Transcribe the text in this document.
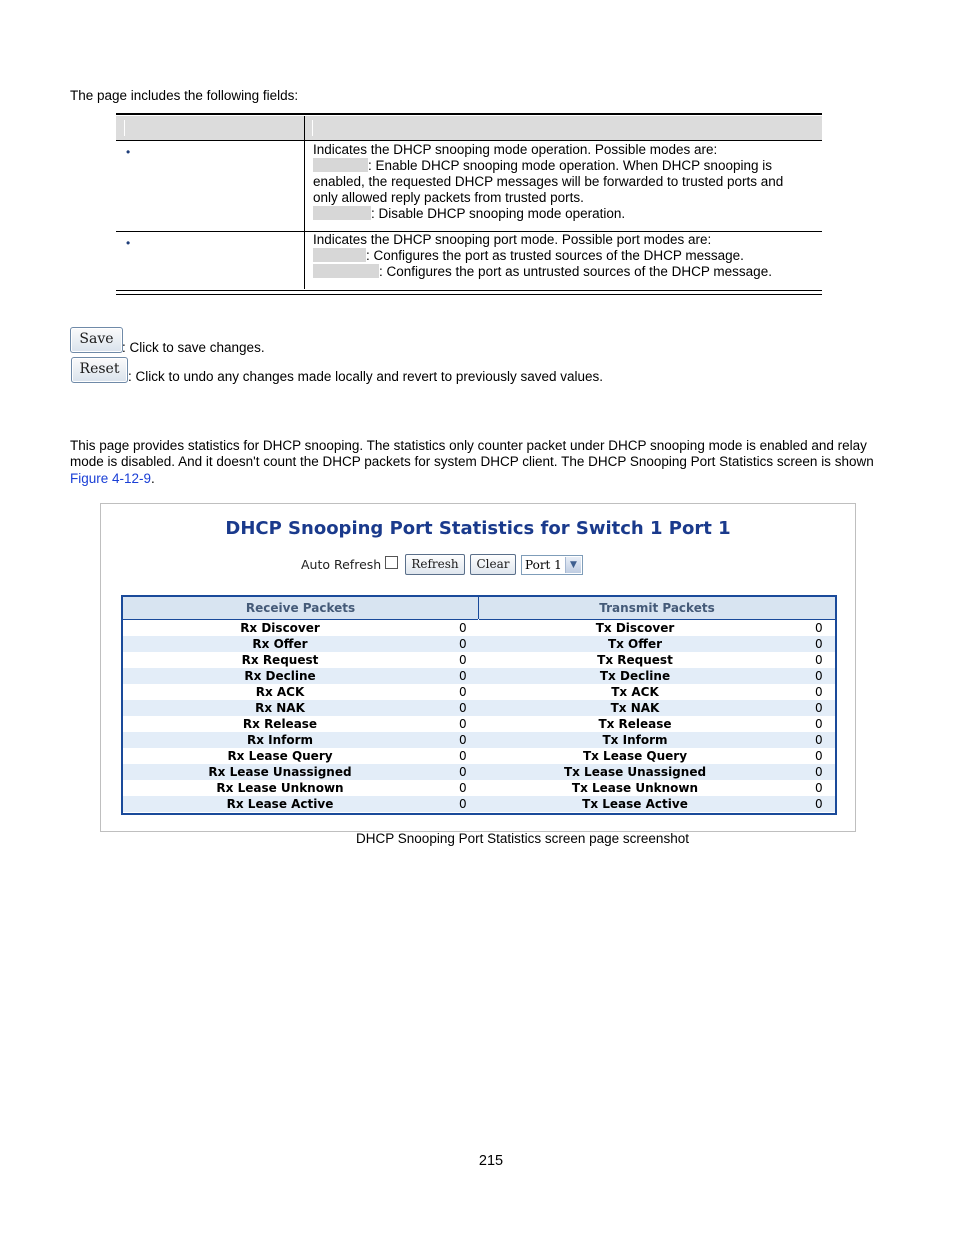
The page includes the following fields:
•	Indicates the DHCP snooping mode operation. Possible modes are:
: Enable DHCP snooping mode operation. When DHCP snooping is
enabled, the requested DHCP messages will be forwarded to trusted ports and
only allowed reply packets from trusted ports.
: Disable DHCP snooping mode operation.
•	Indicates the DHCP snooping port mode. Possible port modes are:
: Configures the port as trusted sources of the DHCP message.
: Configures the port as untrusted sources of the DHCP message.
Save
: Click to save changes.
Reset : Click to undo any changes made locally and revert to previously saved values.
This page provides statistics for DHCP snooping. The statistics only counter packet under DHCP snooping mode is enabled and relay mode is disabled. And it doesn't count the DHCP packets for system DHCP client. The DHCP Snooping Port Statistics screen is shown Figure 4-12-9.
DHCP Snooping Port Statistics for Switch 1 Port 1
Auto Refresh	Refresh	Clear	Port 1 ▼
Receive Packets	Transmit Packets
Rx Discover	0	Tx Discover	0
Rx Offer	0	Tx Offer	0
Rx Request	0	Tx Request	0
Rx Decline	0	Tx Decline	0
Rx ACK	0	Tx ACK	0
Rx NAK	0	Tx NAK	0
Rx Release	0	Tx Release	0
Rx Inform	0	Tx Inform	0
Rx Lease Query	0	Tx Lease Query	0
Rx Lease Unassigned	0	Tx Lease Unassigned	0
Rx Lease Unknown	0	Tx Lease Unknown	0
Rx Lease Active	0	Tx Lease Active	0
DHCP Snooping Port Statistics screen page screenshot
215
